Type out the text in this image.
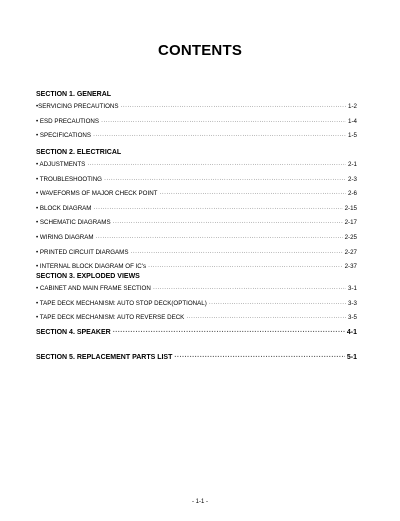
CONTENTS
SECTION 1. GENERAL
•SERVICING PRECAUTIONS ·····	1-2
• ESD PRECAUTIONS ·····	1-4
• SPECIFICATIONS ·····	1-5
SECTION 2. ELECTRICAL
• ADJUSTMENTS ·····	2-1
• TROUBLESHOOTING ·····	2-3
• WAVEFORMS OF MAJOR CHECK POINT ·····	2-6
• BLOCK DIAGRAM ·····	2-15
• SCHEMATIC DIAGRAMS ·····	2-17
• WIRING DIAGRAM ·····	2-25
• PRINTED CIRCUIT DIARGAMS ·····	2-27
• INTERNAL BLOCK DIAGRAM OF IC's ·····	2-37
SECTION 3. EXPLODED VIEWS
• CABINET AND MAIN FRAME SECTION ·····	3-1
• TAPE DECK MECHANISM: AUTO STOP DECK(OPTIONAL) ·····	3-3
• TAPE DECK MECHANISM: AUTO REVERSE DECK ·····	3-5
SECTION 4. SPEAKER ·····	4-1
SECTION 5. REPLACEMENT PARTS LIST ·····	5-1
- 1-1 -
